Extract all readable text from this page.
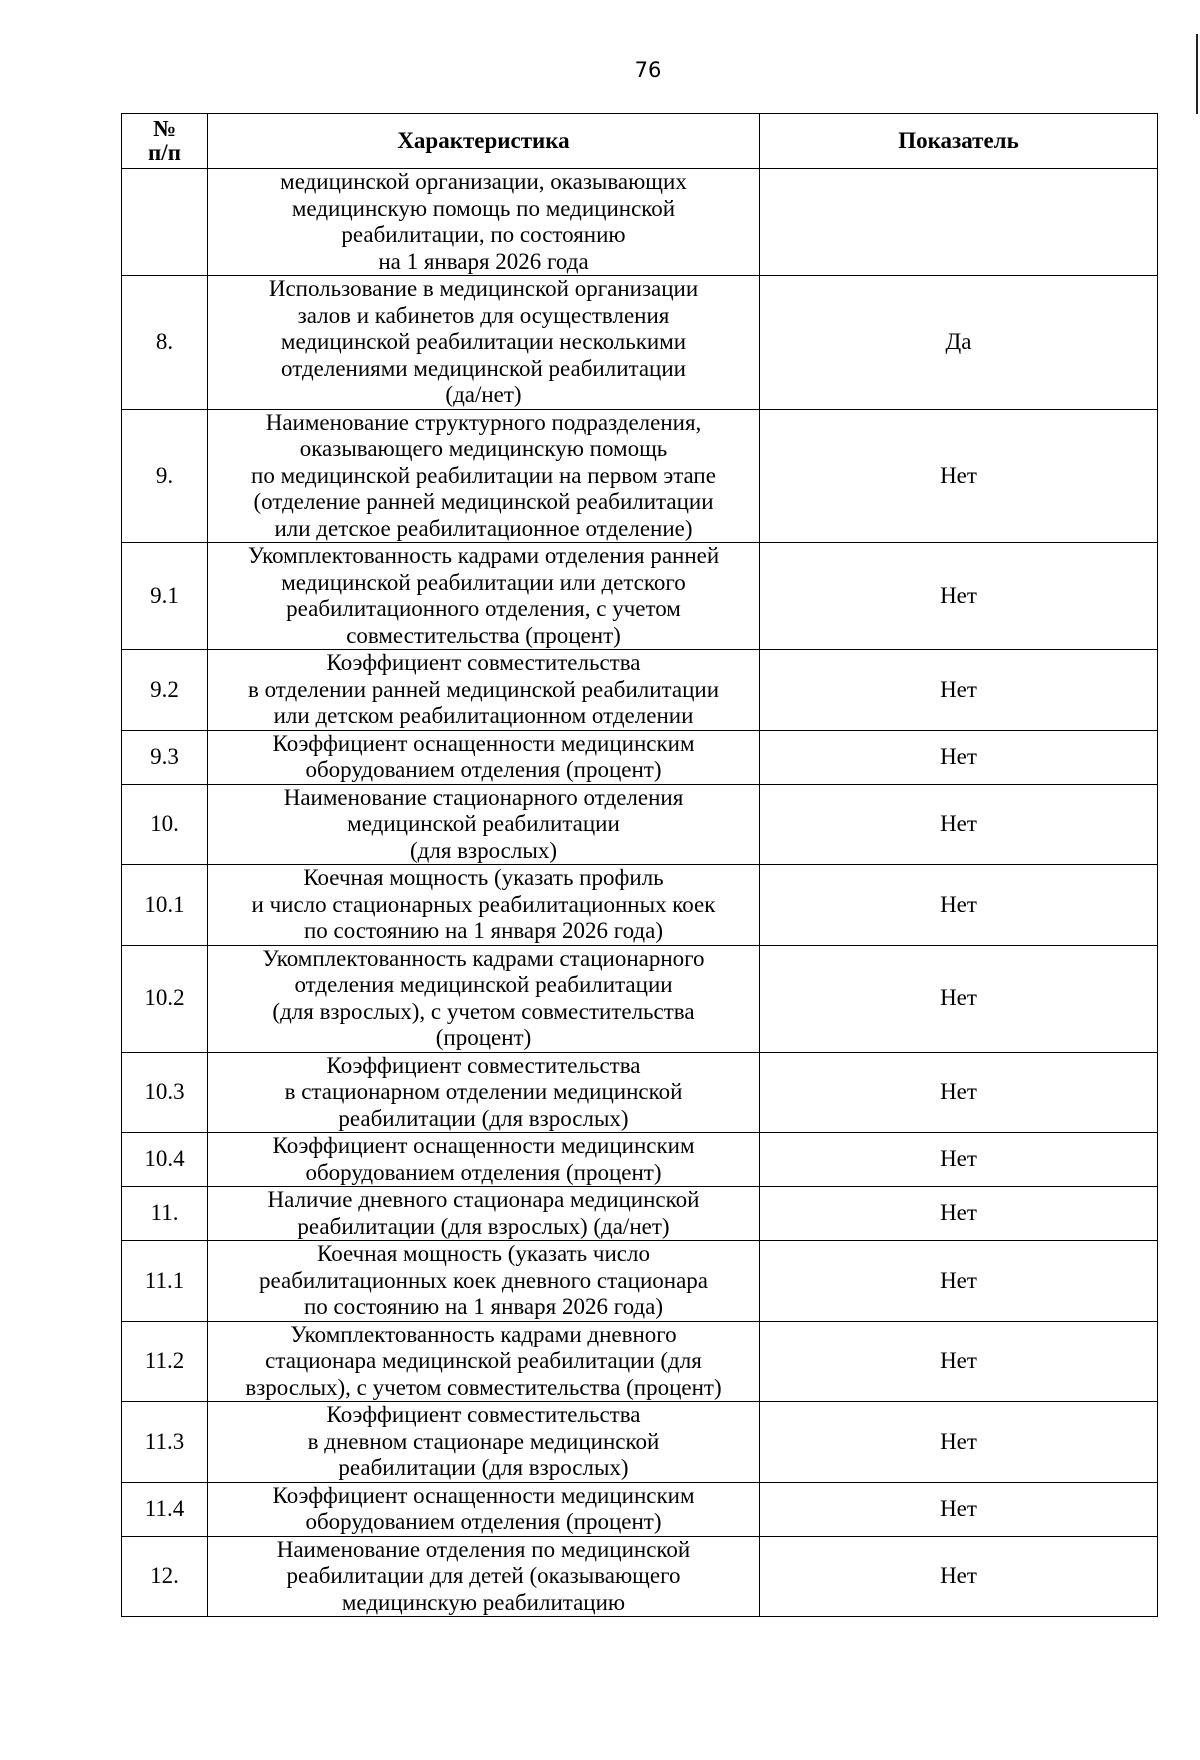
76
№
п/п	Характеристика	Показатель
	медицинской организации, оказывающих
медицинскую помощь по медицинской
реабилитации, по состоянию
на 1 января 2026 года	
8.	Использование в медицинской организации
залов и кабинетов для осуществления
медицинской реабилитации несколькими
отделениями медицинской реабилитации
(да/нет)	Да
9.	Наименование структурного подразделения,
оказывающего медицинскую помощь
по медицинской реабилитации на первом этапе
(отделение ранней медицинской реабилитации
или детское реабилитационное отделение)	Нет
9.1	Укомплектованность кадрами отделения ранней
медицинской реабилитации или детского
реабилитационного отделения, с учетом
совместительства (процент)	Нет
9.2	Коэффициент совместительства
в отделении ранней медицинской реабилитации
или детском реабилитационном отделении	Нет
9.3	Коэффициент оснащенности медицинским
оборудованием отделения (процент)	Нет
10.	Наименование стационарного отделения
медицинской реабилитации
(для взрослых)	Нет
10.1	Коечная мощность (указать профиль
и число стационарных реабилитационных коек
по состоянию на 1 января 2026 года)	Нет
10.2	Укомплектованность кадрами стационарного
отделения медицинской реабилитации
(для взрослых), с учетом совместительства
(процент)	Нет
10.3	Коэффициент совместительства
в стационарном отделении медицинской
реабилитации (для взрослых)	Нет
10.4	Коэффициент оснащенности медицинским
оборудованием отделения (процент)	Нет
11.	Наличие дневного стационара медицинской
реабилитации (для взрослых) (да/нет)	Нет
11.1	Коечная мощность (указать число
реабилитационных коек дневного стационара
по состоянию на 1 января 2026 года)	Нет
11.2	Укомплектованность кадрами дневного
стационара медицинской реабилитации (для
взрослых), с учетом совместительства (процент)	Нет
11.3	Коэффициент совместительства
в дневном стационаре медицинской
реабилитации (для взрослых)	Нет
11.4	Коэффициент оснащенности медицинским
оборудованием отделения (процент)	Нет
12.	Наименование отделения по медицинской
реабилитации для детей (оказывающего
медицинскую реабилитацию	Нет
